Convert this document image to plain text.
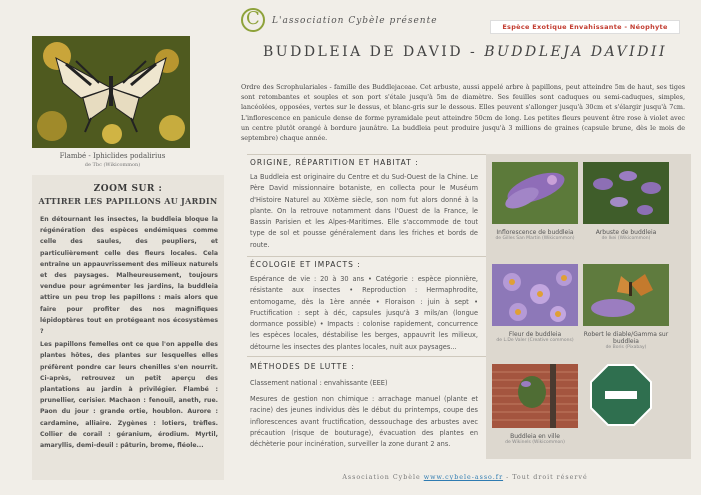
Flambé - Iphiclides podalirius
de Tbc (Wikicommon)
ZOOM SUR :
ATTIRER LES PAPILLONS AU JARDIN

En détournant les insectes, la buddleia bloque la régénération des espèces endémiques comme celle des saules, des peupliers, et particulièrement celle des fleurs locales. Cela entraîne un appauvrissement des milieux naturels et des paysages. Malheureusement, toujours vendue pour agrémenter les jardins, la buddleia attire un peu trop les papillons : mais alors que faire pour profiter des nos magnifiques lépidoptères tout en protégeant nos écosystèmes ?

Les papillons femelles ont ce que l'on appelle des plantes hôtes, des plantes sur lesquelles elles préfèrent pondre car leurs chenilles s'en nourrit. Ci-après, retrouvez un petit aperçu des plantations au jardin à privilégier. Flambé : prunellier, cerisier. Machaon : fenouil, aneth, rue. Paon du jour : grande ortie, houblon. Aurore : cardamine, alliaire. Zygènes : lotiers, trèfles. Collier de corail : géranium, érodium. Myrtil, amaryllis, demi-deuil : pâturin, brome, fléole...

C L'association Cybèle présente
Espèce Exotique Envahissante - Néophyte
BUDDLEIA DE DAVID - BUDDLEJA DAVIDII
Ordre des Scrophulariales - famille des Buddlejaceae. Cet arbuste, aussi appelé arbre à papillons, peut atteindre 5m de haut, ses tiges sont retombantes et souples et son port s'étale jusqu'à 5m de diamètre. Ses feuilles sont caduques ou semi-caduques, simples, lancéolées, opposées, vertes sur le dessus, et blanc-gris sur le dessous. Elles peuvent s'allonger jusqu'à 30cm et s'élargir jusqu'à 7cm. L'inflorescence en panicule dense de forme pyramidale peut atteindre 50cm de long. Les petites fleurs peuvent être rose à violet avec un centre plutôt orangé à bordure jaunâtre. La buddleia peut produire jusqu'à 3 millions de graines (capsule brune, dès le mois de septembre) chaque année.
ORIGINE, RÉPARTITION ET HABITAT :
La Buddleia est originaire du Centre et du Sud-Ouest de la Chine. Le Père David missionnaire botaniste, en collecta pour le Muséum d'Histoire Naturel au XIXème siècle, son nom fut alors donné à la plante. On la retrouve notamment dans l'Ouest de la France, le Bassin Parisien et les Alpes-Maritimes. Elle s'accommode de tout type de sol et pousse généralement dans les friches et bords de route.
ÉCOLOGIE ET IMPACTS :
Espérance de vie : 20 à 30 ans • Catégorie : espèce pionnière, résistante aux insectes • Reproduction : Hermaphrodite, entomogame, dès la 1ère année • Floraison : juin à sept • Fructification : sept à déc, capsules jusqu'à 3 mils/an (longue dormance possible) • Impacts : colonise rapidement, concurrence les espèces locales, déstabilise les berges, appauvrit les milieux, détourne les insectes des plantes locales, nuit aux paysages...
MÉTHODES DE LUTTE :
Classement national : envahissante (EEE)
Mesures de gestion non chimique : arrachage manuel (plante et racine) des jeunes individus dès le début du printemps, coupe des inflorescences avant fructification, dessouchage des arbustes avec précaution (risque de bouturage), évacuation des plantes en déchèterie pour incinération, surveiller la zone durant 2 ans.
Inflorescence de buddleia
de Gilles San Martin (Wikicommon)
Arbuste de buddleia
de Ikei (Wikicommon)
Fleur de buddleia
de L.De Valer (Creative commons)
Robert le diable/Gamma sur buddleia
de Boris (Pixabay)
Buddleia en ville
de Wikinels (Wikicommon)
Association Cybèle www.cybele-asso.fr - Tout droit réservé
